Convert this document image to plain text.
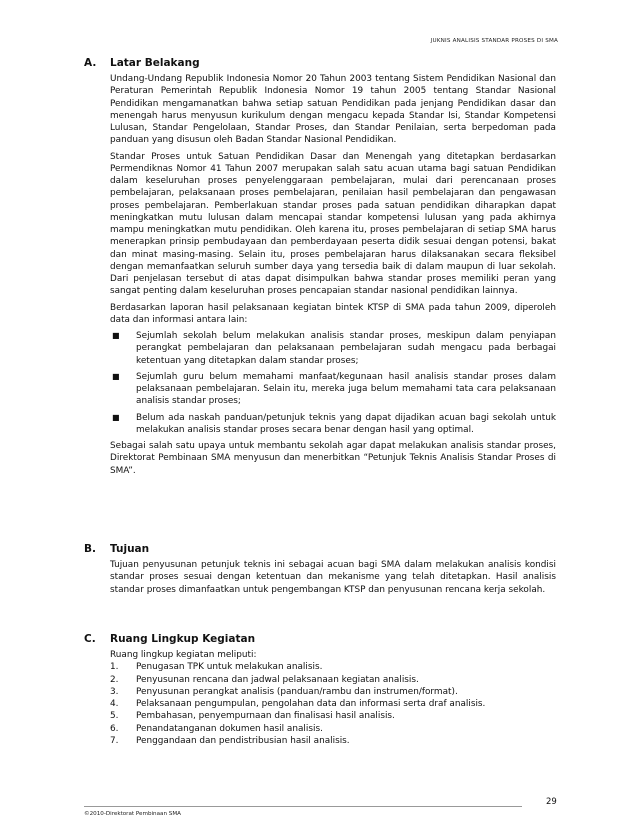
JUKNIS ANALISIS STANDAR PROSES DI SMA
A. Latar Belakang

Undang-Undang Republik Indonesia Nomor 20 Tahun 2003 tentang Sistem Pendidikan Nasional dan Peraturan Pemerintah Republik Indonesia Nomor 19 tahun 2005 tentang Standar Nasional Pendidikan mengamanatkan bahwa setiap satuan Pendidikan pada jenjang Pendidikan dasar dan menengah harus menyusun kurikulum dengan mengacu kepada Standar Isi, Standar Kompetensi Lulusan, Standar Pengelolaan, Standar Proses, dan Standar Penilaian, serta berpedoman pada panduan yang disusun oleh Badan Standar Nasional Pendidikan.

Standar Proses untuk Satuan Pendidikan Dasar dan Menengah yang ditetapkan berdasarkan Permendiknas Nomor 41 Tahun 2007 merupakan salah satu acuan utama bagi satuan Pendidikan dalam keseluruhan proses penyelenggaraan pembelajaran, mulai dari perencanaan proses pembelajaran, pelaksanaan proses pembelajaran, penilaian hasil pembelajaran dan pengawasan proses pembelajaran. Pemberlakuan standar proses pada satuan pendidikan diharapkan dapat meningkatkan mutu lulusan dalam mencapai standar kompetensi lulusan yang pada akhirnya mampu meningkatkan mutu pendidikan. Oleh karena itu, proses pembelajaran di setiap SMA harus menerapkan prinsip pembudayaan dan pemberdayaan peserta didik sesuai dengan potensi, bakat dan minat masing-masing. Selain itu, proses pembelajaran harus dilaksanakan secara fleksibel dengan memanfaatkan seluruh sumber daya yang tersedia baik di dalam maupun di luar sekolah. Dari penjelasan tersebut di atas dapat disimpulkan bahwa standar proses memiliki peran yang sangat penting dalam keseluruhan proses pencapaian standar nasional pendidikan lainnya.

Berdasarkan laporan hasil pelaksanaan kegiatan bintek KTSP di SMA pada tahun 2009, diperoleh data dan informasi antara lain:

■ Sejumlah sekolah belum melakukan analisis standar proses, meskipun dalam penyiapan perangkat pembelajaran dan pelaksanaan pembelajaran sudah mengacu pada berbagai ketentuan yang ditetapkan dalam standar proses;
■ Sejumlah guru belum memahami manfaat/kegunaan hasil analisis standar proses dalam pelaksanaan pembelajaran. Selain itu, mereka juga belum memahami tata cara pelaksanaan analisis standar proses;
■ Belum ada naskah panduan/petunjuk teknis yang dapat dijadikan acuan bagi sekolah untuk melakukan analisis standar proses secara benar dengan hasil yang optimal.

Sebagai salah satu upaya untuk membantu sekolah agar dapat melakukan analisis standar proses, Direktorat Pembinaan SMA menyusun dan menerbitkan “Petunjuk Teknis Analisis Standar Proses di SMA”.

B. Tujuan

Tujuan penyusunan petunjuk teknis ini sebagai acuan bagi SMA dalam melakukan analisis kondisi standar proses sesuai dengan ketentuan dan mekanisme yang telah ditetapkan. Hasil analisis standar proses dimanfaatkan untuk pengembangan KTSP dan penyusunan rencana kerja sekolah.

C. Ruang Lingkup Kegiatan
Ruang lingkup kegiatan meliputi:
1. Penugasan TPK untuk melakukan analisis.
2. Penyusunan rencana dan jadwal pelaksanaan kegiatan analisis.
3. Penyusunan perangkat analisis (panduan/rambu dan instrumen/format).
4. Pelaksanaan pengumpulan, pengolahan data dan informasi serta draf analisis.
5. Pembahasan, penyempurnaan dan finalisasi hasil analisis.
6. Penandatanganan dokumen hasil analisis.
7. Penggandaan dan pendistribusian hasil analisis.
29
©2010-Direktorat Pembinaan SMA
